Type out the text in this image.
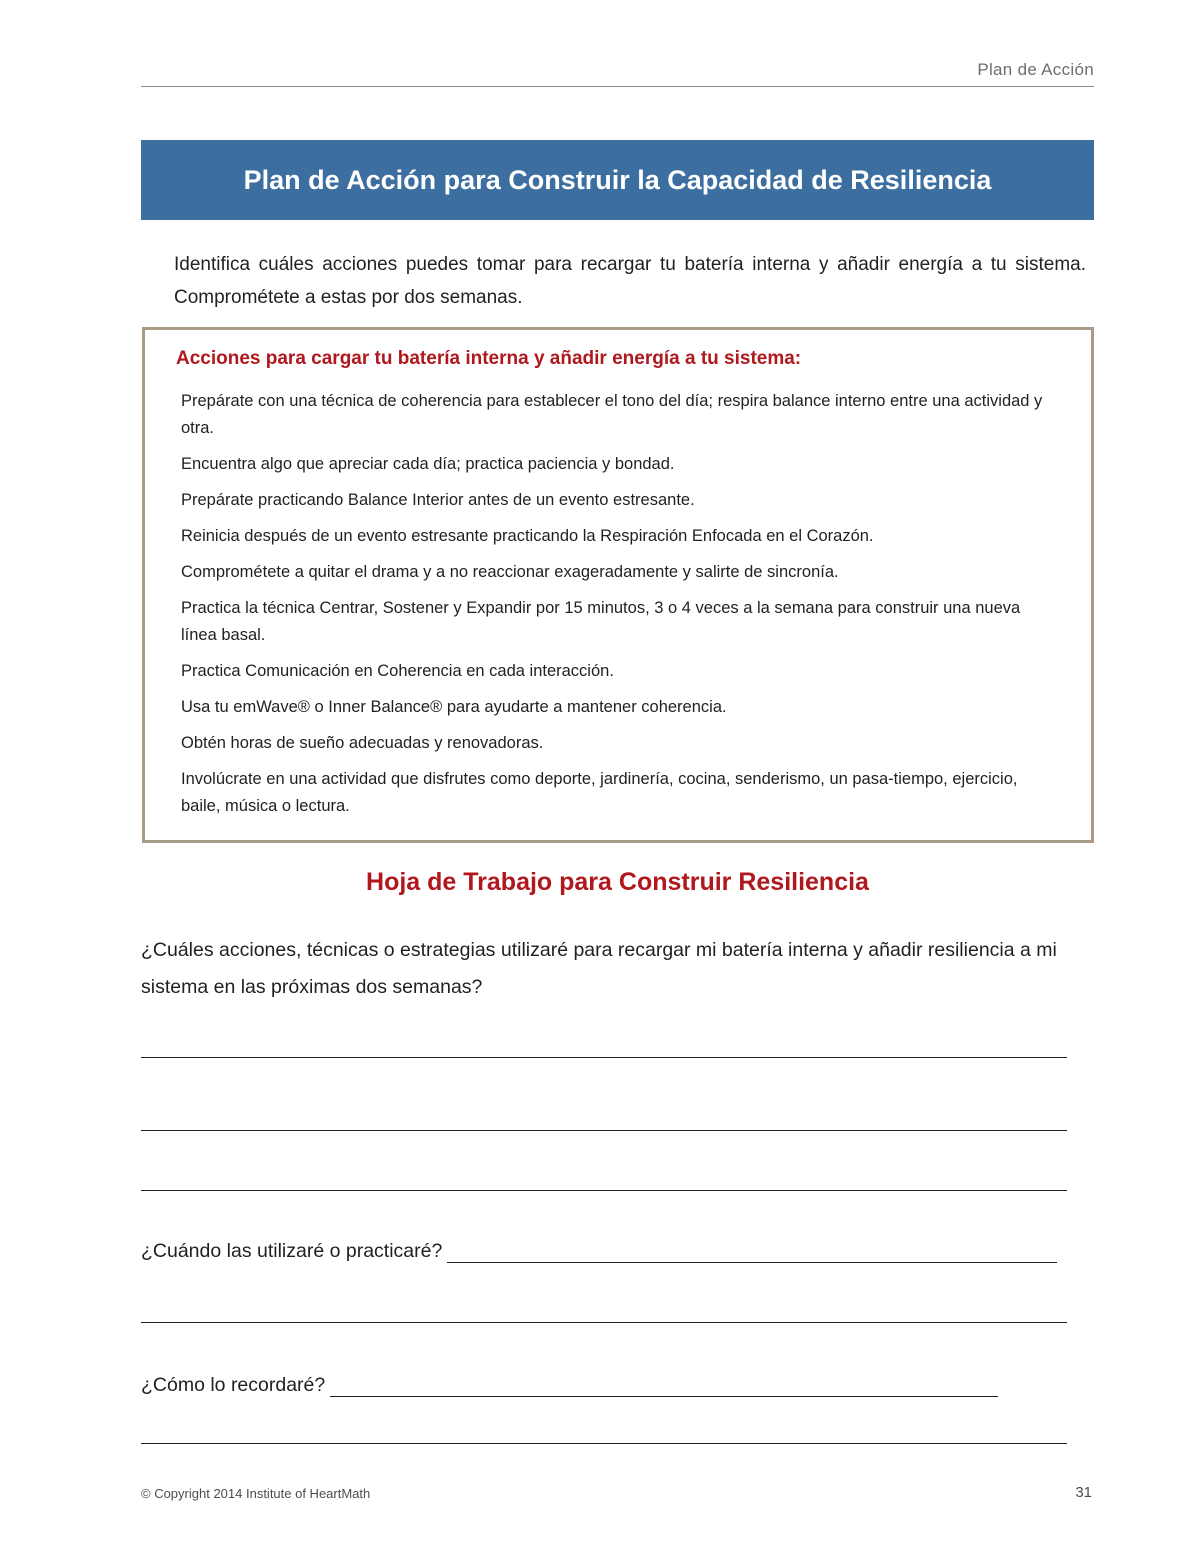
Plan de Acción
Plan de Acción para Construir la Capacidad de Resiliencia
Identifica cuáles acciones puedes tomar para recargar tu batería interna y añadir energía a tu sistema. Comprométete a estas por dos semanas.
Acciones para cargar tu batería interna y añadir energía a tu sistema:
Prepárate con una técnica de coherencia para establecer el tono del día; respira balance interno entre una actividad y otra.
Encuentra algo que apreciar cada día; practica paciencia y bondad.
Prepárate practicando Balance Interior antes de un evento estresante.
Reinicia después de un evento estresante practicando la Respiración Enfocada en el Corazón.
Comprométete a quitar el drama y a no reaccionar exageradamente y salirte de sincronía.
Practica la técnica Centrar, Sostener y Expandir por 15 minutos, 3 o 4 veces a la semana para construir una nueva línea basal.
Practica Comunicación en Coherencia en cada interacción.
Usa tu emWave® o Inner Balance® para ayudarte a mantener coherencia.
Obtén horas de sueño adecuadas y renovadoras.
Involúcrate en una actividad que disfrutes como deporte, jardinería, cocina, senderismo, un pasa-tiempo, ejercicio, baile, música o lectura.
Hoja de Trabajo para Construir Resiliencia
¿Cuáles acciones, técnicas o estrategias utilizaré para recargar mi batería interna y añadir resiliencia a mi sistema en las próximas dos semanas?
¿Cuándo las utilizaré o practicaré?
¿Cómo lo recordaré?
© Copyright 2014 Institute of HeartMath	31
